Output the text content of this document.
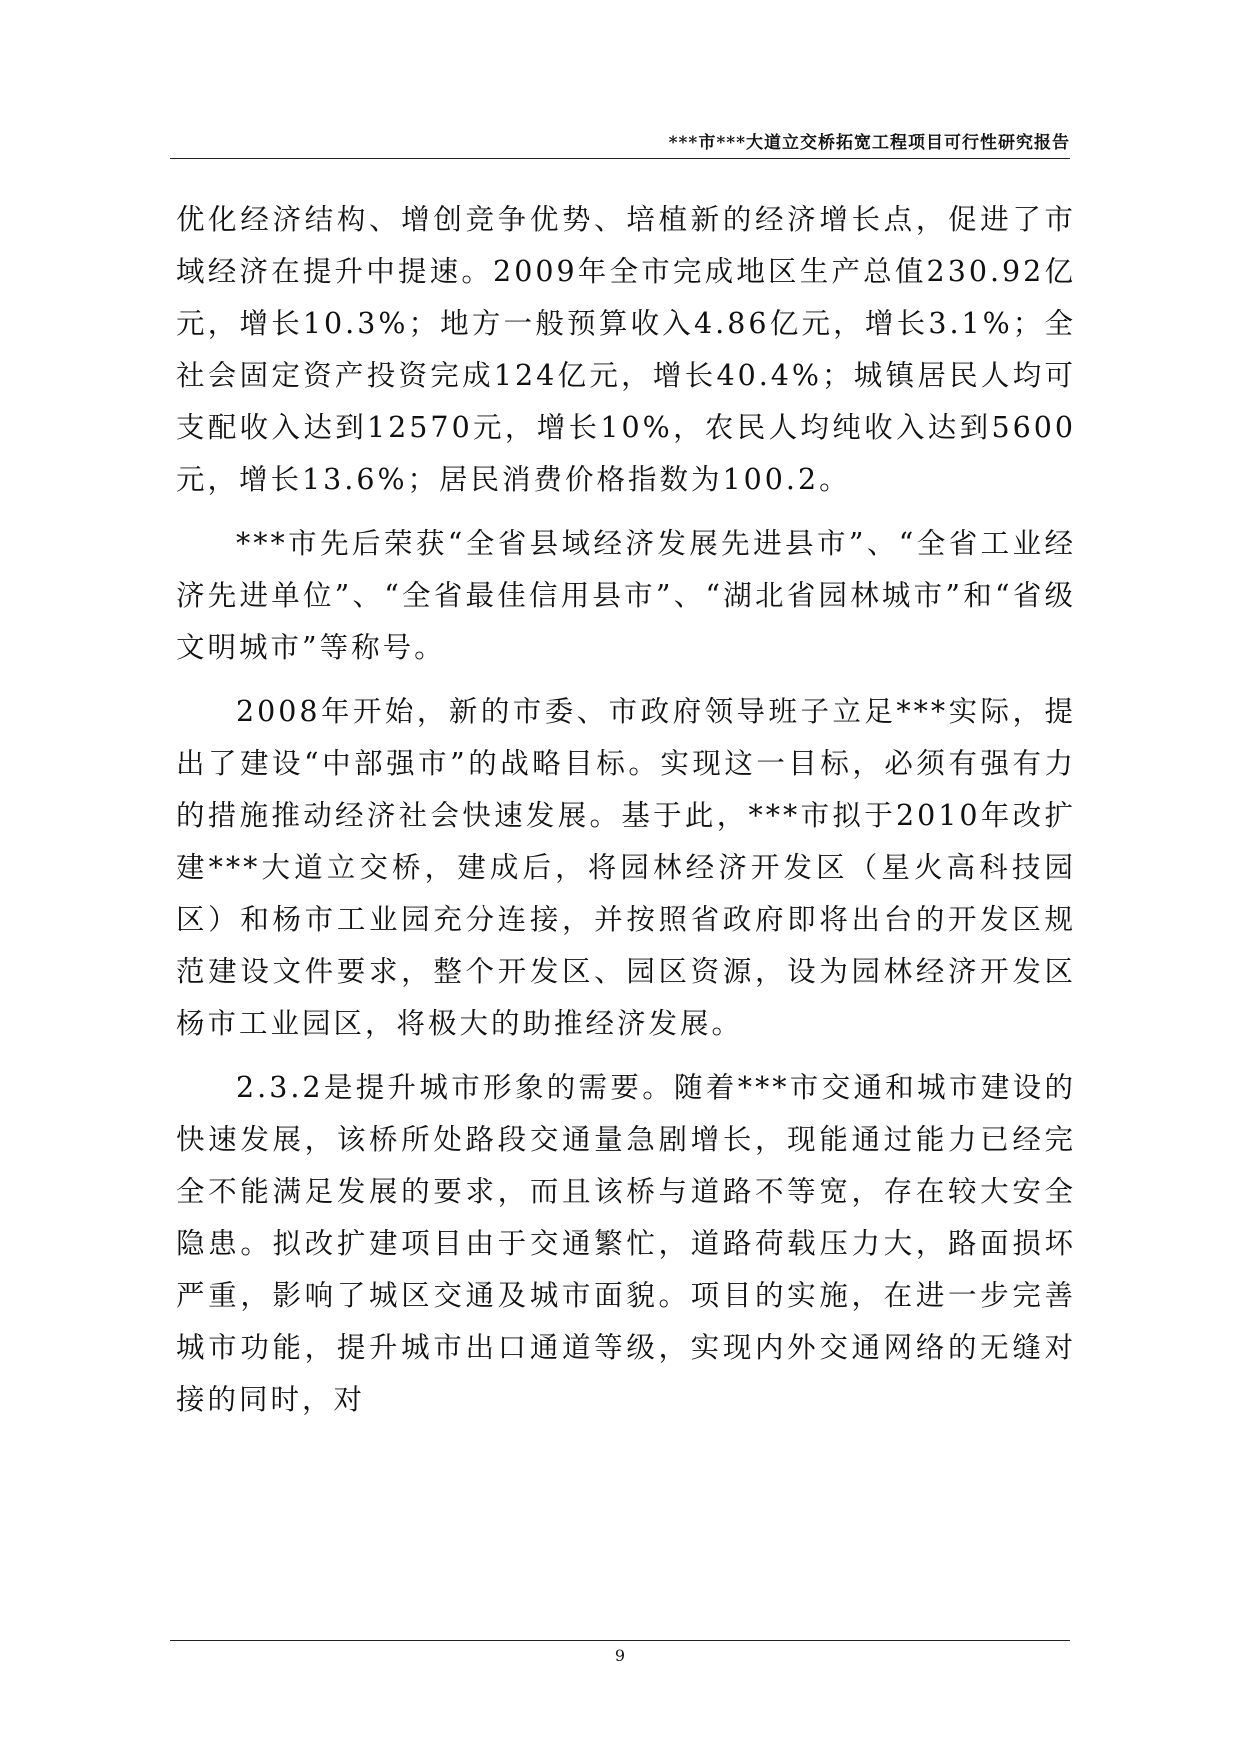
***市***大道立交桥拓宽工程项目可行性研究报告

优化经济结构、增创竞争优势、培植新的经济增长点，促进了市域经济在提升中提速。2009年全市完成地区生产总值230.92亿元，增长10.3%；地方一般预算收入4.86亿元，增长3.1%；全社会固定资产投资完成124亿元，增长40.4%；城镇居民人均可支配收入达到12570元，增长10%，农民人均纯收入达到5600元，增长13.6%；居民消费价格指数为100.2。

***市先后荣获“全省县域经济发展先进县市”、“全省工业经济先进单位”、“全省最佳信用县市”、“湖北省园林城市”和“省级文明城市”等称号。

2008年开始，新的市委、市政府领导班子立足***实际，提出了建设“中部强市”的战略目标。实现这一目标，必须有强有力的措施推动经济社会快速发展。基于此，***市拟于2010年改扩建***大道立交桥，建成后，将园林经济开发区（星火高科技园区）和杨市工业园充分连接，并按照省政府即将出台的开发区规范建设文件要求，整个开发区、园区资源，设为园林经济开发区杨市工业园区，将极大的助推经济发展。

2.3.2是提升城市形象的需要。随着***市交通和城市建设的快速发展，该桥所处路段交通量急剧增长，现能通过能力已经完全不能满足发展的要求，而且该桥与道路不等宽，存在较大安全隐患。拟改扩建项目由于交通繁忙，道路荷载压力大，路面损坏严重，影响了城区交通及城市面貌。项目的实施，在进一步完善城市功能，提升城市出口通道等级，实现内外交通网络的无缝对接的同时，对

9
